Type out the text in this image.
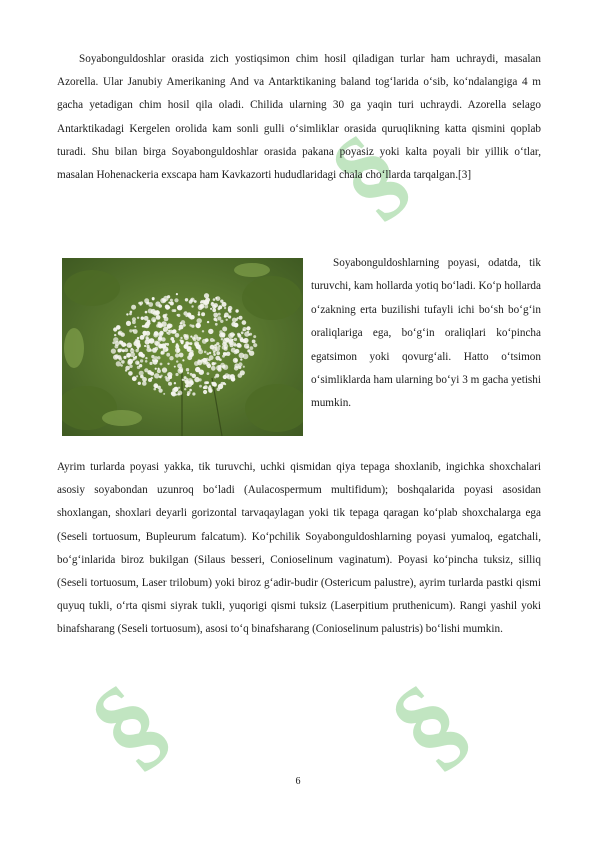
§
§ §

Soyabonguldoshlar orasida zich yostiqsimon chim hosil qiladigan turlar ham uchraydi, masalan Azorella. Ular Janubiy Amerikaning And va Antarktikaning baland tog‘larida o‘sib, ko‘ndalangiga 4 m gacha yetadigan chim hosil qila oladi. Chilida ularning 30 ga yaqin turi uchraydi. Azorella selago Antarktikadagi Kergelen orolida kam sonli gulli o‘simliklar orasida quruqlikning katta qismini qoplab turadi. Shu bilan birga Soyabonguldoshlar orasida pakana poyasiz yoki kalta poyali bir yillik o‘tlar, masalan Hohenackeria exscapa ham Kavkazorti hududlaridagi chala cho‘llarda tarqalgan.[3]

Soyabonguldoshlarning poyasi, odatda, tik turuvchi, kam hollarda yotiq bo‘ladi. Ko‘p hollarda o‘zakning erta buzilishi tufayli ichi bo‘sh bo‘g‘in oraliqlariga ega, bo‘g‘in oraliqlari ko‘pincha egatsimon yoki qovurg‘ali. Hatto o‘tsimon o‘simliklarda ham ularning bo‘yi 3 m gacha yetishi mumkin.

Ayrim turlarda poyasi yakka, tik turuvchi, uchki qismidan qiya tepaga shoxlanib, ingichka shoxchalari asosiy soyabondan uzunroq bo‘ladi (Aulacospermum multifidum); boshqalarida poyasi asosidan shoxlangan, shoxlari deyarli gorizontal tarvaqaylagan yoki tik tepaga qaragan ko‘plab shoxchalarga ega (Seseli tortuosum, Bupleurum falcatum). Ko‘pchilik Soyabonguldoshlarning poyasi yumaloq, egatchali, bo‘g‘inlarida biroz bukilgan (Silaus besseri, Conioselinum vaginatum). Poyasi ko‘pincha tuksiz, silliq (Seseli tortuosum, Laser trilobum) yoki biroz g‘adir-budir (Ostericum palustre), ayrim turlarda pastki qismi quyuq tukli, o‘rta qismi siyrak tukli, yuqorigi qismi tuksiz (Laserpitium pruthenicum). Rangi yashil yoki binafsharang (Seseli tortuosum), asosi to‘q binafsharang (Conioselinum palustris) bo‘lishi mumkin.

6
